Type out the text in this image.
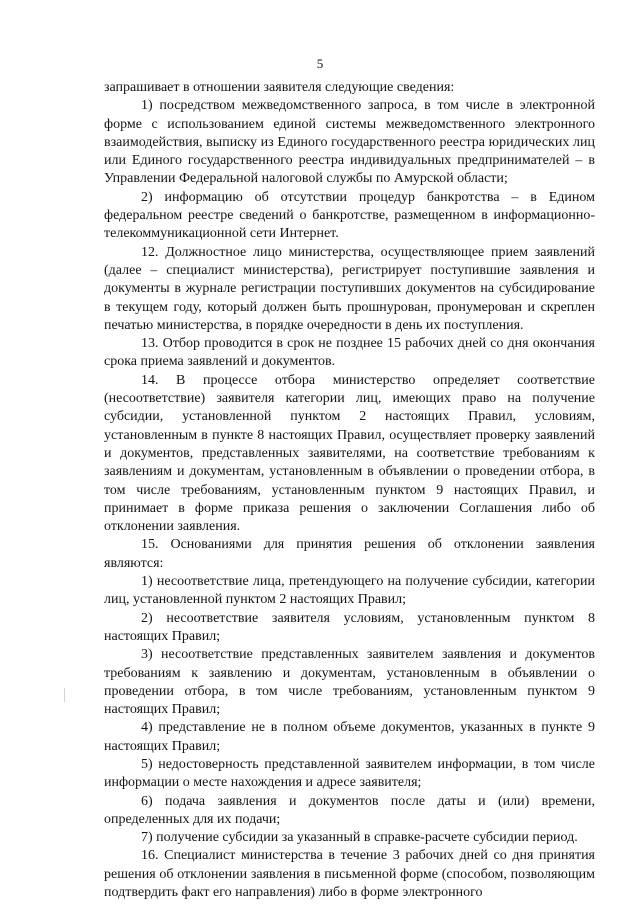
5

запрашивает в отношении заявителя следующие сведения:

1) посредством межведомственного запроса, в том числе в электронной форме с использованием единой системы межведомственного электронного взаимодействия, выписку из Единого государственного реестра юридических лиц или Единого государственного реестра индивидуальных предпринимателей – в Управлении Федеральной налоговой службы по Амурской области;

2) информацию об отсутствии процедур банкротства – в Едином федеральном реестре сведений о банкротстве, размещенном в информационно-телекоммуникационной сети Интернет.

12. Должностное лицо министерства, осуществляющее прием заявлений (далее – специалист министерства), регистрирует поступившие заявления и документы в журнале регистрации поступивших документов на субсидирование в текущем году, который должен быть прошнурован, пронумерован и скреплен печатью министерства, в порядке очередности в день их поступления.

13. Отбор проводится в срок не позднее 15 рабочих дней со дня окончания срока приема заявлений и документов.

14. В процессе отбора министерство определяет соответствие (несоответствие) заявителя категории лиц, имеющих право на получение субсидии, установленной пунктом 2 настоящих Правил, условиям, установленным в пункте 8 настоящих Правил, осуществляет проверку заявлений и документов, представленных заявителями, на соответствие требованиям к заявлениям и документам, установленным в объявлении о проведении отбора, в том числе требованиям, установленным пунктом 9 настоящих Правил, и принимает в форме приказа решения о заключении Соглашения либо об отклонении заявления.

15. Основаниями для принятия решения об отклонении заявления являются:

1) несоответствие лица, претендующего на получение субсидии, категории лиц, установленной пунктом 2 настоящих Правил;

2) несоответствие заявителя условиям, установленным пунктом 8 настоящих Правил;

3) несоответствие представленных заявителем заявления и документов требованиям к заявлению и документам, установленным в объявлении о проведении отбора, в том числе требованиям, установленным пунктом 9 настоящих Правил;

4) представление не в полном объеме документов, указанных в пункте 9 настоящих Правил;

5) недостоверность представленной заявителем информации, в том числе информации о месте нахождения и адресе заявителя;

6) подача заявления и документов после даты и (или) времени, определенных для их подачи;

7) получение субсидии за указанный в справке-расчете субсидии период.

16. Специалист министерства в течение 3 рабочих дней со дня принятия решения об отклонении заявления в письменной форме (способом, позволяющим подтвердить факт его направления) либо в форме электронного
